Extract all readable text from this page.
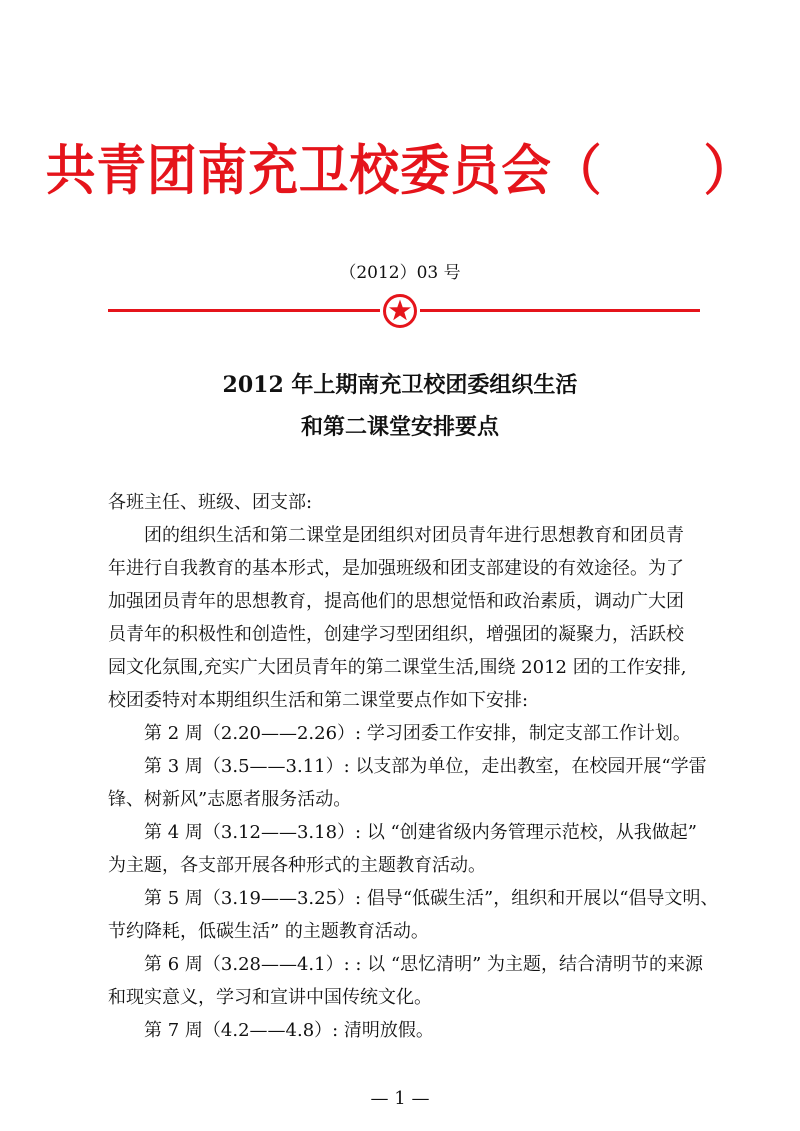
共青团南充卫校委员会（　　）
（2012）03 号
2012 年上期南充卫校团委组织生活
和第二课堂安排要点
各班主任、班级、团支部:
团的组织生活和第二课堂是团组织对团员青年进行思想教育和团员青
年进行自我教育的基本形式，是加强班级和团支部建设的有效途径。为了
加强团员青年的思想教育，提高他们的思想觉悟和政治素质，调动广大团
员青年的积极性和创造性，创建学习型团组织，增强团的凝聚力，活跃校
园文化氛围,充实广大团员青年的第二课堂生活,围绕 2012 团的工作安排,
校团委特对本期组织生活和第二课堂要点作如下安排:
第 2 周（2.20——2.26）: 学习团委工作安排，制定支部工作计划。
第 3 周（3.5——3.11）: 以支部为单位，走出教室，在校园开展“学雷
锋、树新风”志愿者服务活动。
第 4 周（3.12——3.18）: 以 “创建省级内务管理示范校，从我做起”
为主题，各支部开展各种形式的主题教育活动。
第 5 周（3.19——3.25）: 倡导“低碳生活”，组织和开展以“倡导文明、
节约降耗，低碳生活” 的主题教育活动。
第 6 周（3.28——4.1）: : 以 “思忆清明” 为主题，结合清明节的来源
和现实意义，学习和宣讲中国传统文化。
第 7 周（4.2——4.8）: 清明放假。
— 1 —
